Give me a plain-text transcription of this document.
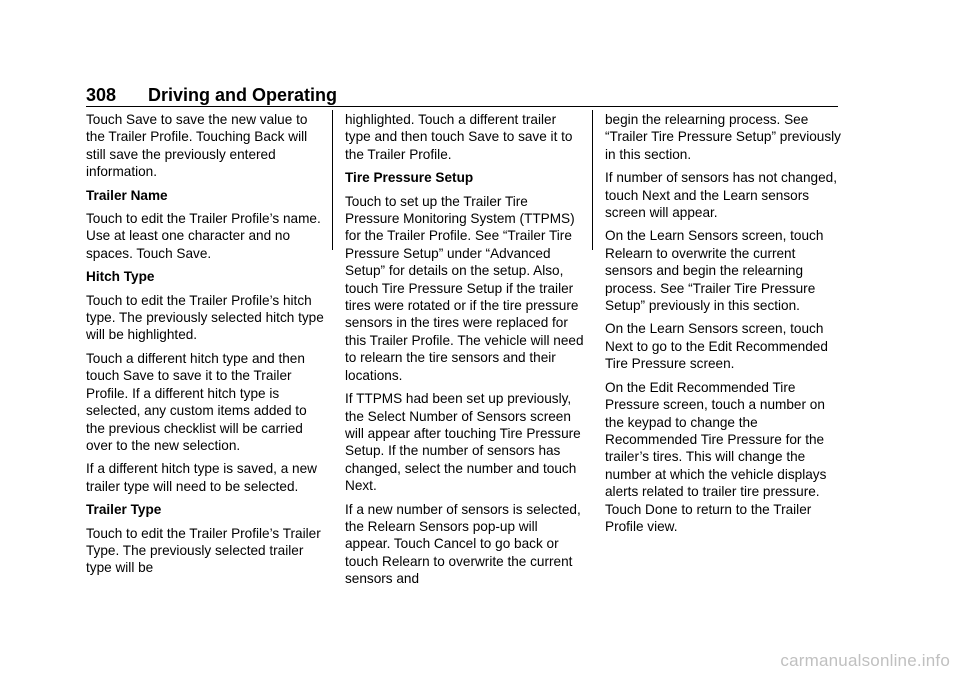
308 Driving and Operating

Touch Save to save the new value to the Trailer Profile. Touching Back will still save the previously entered information.

Trailer Name

Touch to edit the Trailer Profile’s name. Use at least one character and no spaces. Touch Save.

Hitch Type

Touch to edit the Trailer Profile’s hitch type. The previously selected hitch type will be highlighted.

Touch a different hitch type and then touch Save to save it to the Trailer Profile. If a different hitch type is selected, any custom items added to the previous checklist will be carried over to the new selection.

If a different hitch type is saved, a new trailer type will need to be selected.

Trailer Type

Touch to edit the Trailer Profile’s Trailer Type. The previously selected trailer type will be

highlighted. Touch a different trailer type and then touch Save to save it to the Trailer Profile.

Tire Pressure Setup

Touch to set up the Trailer Tire Pressure Monitoring System (TTPMS) for the Trailer Profile. See “Trailer Tire Pressure Setup” under “Advanced Setup” for details on the setup. Also, touch Tire Pressure Setup if the trailer tires were rotated or if the tire pressure sensors in the tires were replaced for this Trailer Profile. The vehicle will need to relearn the tire sensors and their locations.

If TTPMS had been set up previously, the Select Number of Sensors screen will appear after touching Tire Pressure Setup. If the number of sensors has changed, select the number and touch Next.

If a new number of sensors is selected, the Relearn Sensors pop-up will appear. Touch Cancel to go back or touch Relearn to overwrite the current sensors and

begin the relearning process. See “Trailer Tire Pressure Setup” previously in this section.

If number of sensors has not changed, touch Next and the Learn sensors screen will appear.

On the Learn Sensors screen, touch Relearn to overwrite the current sensors and begin the relearning process. See “Trailer Tire Pressure Setup” previously in this section.

On the Learn Sensors screen, touch Next to go to the Edit Recommended Tire Pressure screen.

On the Edit Recommended Tire Pressure screen, touch a number on the keypad to change the Recommended Tire Pressure for the trailer’s tires. This will change the number at which the vehicle displays alerts related to trailer tire pressure. Touch Done to return to the Trailer Profile view.

carmanualsonline.info
